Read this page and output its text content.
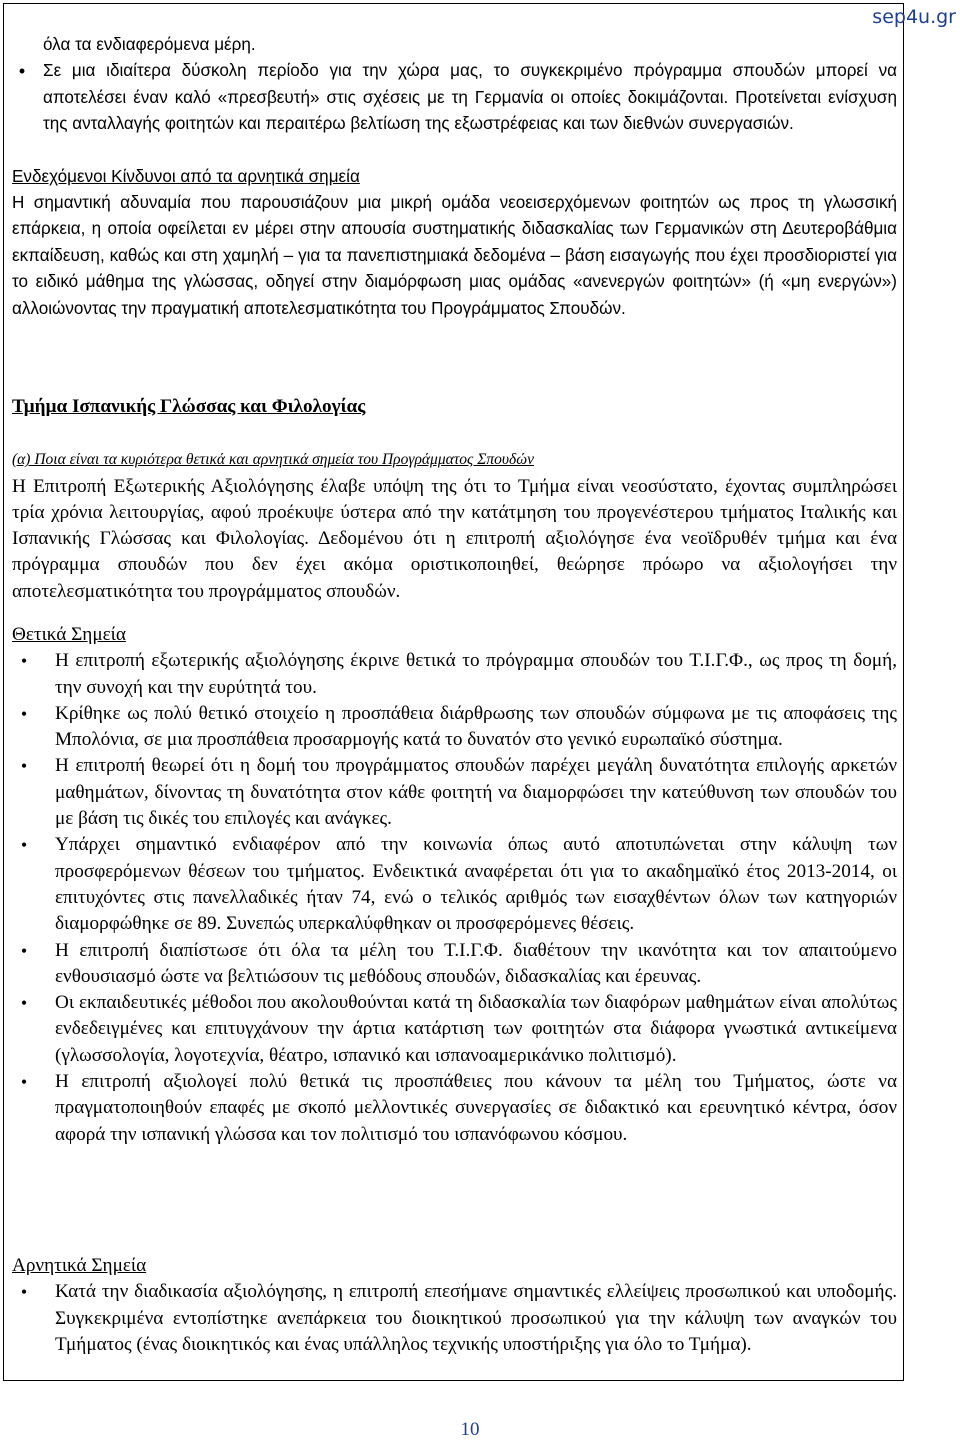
sep4u.gr
όλα τα ενδιαφερόμενα μέρη.
•	Σε μια ιδιαίτερα δύσκολη περίοδο για την χώρα μας, το συγκεκριμένο πρόγραμμα σπουδών μπορεί να αποτελέσει έναν καλό «πρεσβευτή» στις σχέσεις με τη Γερμανία οι οποίες δοκιμάζονται. Προτείνεται ενίσχυση της ανταλλαγής φοιτητών και περαιτέρω βελτίωση της εξωστρέφειας και των διεθνών συνεργασιών.
Ενδεχόμενοι Κίνδυνοι από τα αρνητικά σημεία
Η σημαντική αδυναμία που παρουσιάζουν μια μικρή ομάδα νεοεισερχόμενων φοιτητών ως προς τη γλωσσική επάρκεια, η οποία οφείλεται εν μέρει στην απουσία συστηματικής διδασκαλίας των Γερμανικών στη Δευτεροβάθμια εκπαίδευση, καθώς και στη χαμηλή – για τα πανεπιστημιακά δεδομένα – βάση εισαγωγής που έχει προσδιοριστεί για το ειδικό μάθημα της γλώσσας, οδηγεί στην διαμόρφωση μιας ομάδας «ανενεργών φοιτητών» (ή «μη ενεργών») αλλοιώνοντας την πραγματική αποτελεσματικότητα του Προγράμματος Σπουδών.
Τμήμα Ισπανικής Γλώσσας και Φιλολογίας
(α) Ποια είναι τα κυριότερα θετικά και αρνητικά σημεία του Προγράμματος Σπουδών
Η Επιτροπή Εξωτερικής Αξιολόγησης έλαβε υπόψη της ότι το Τμήμα είναι νεοσύστατο, έχοντας συμπληρώσει τρία χρόνια λειτουργίας, αφού προέκυψε ύστερα από την κατάτμηση του προγενέστερου τμήματος Ιταλικής και Ισπανικής Γλώσσας και Φιλολογίας. Δεδομένου ότι η επιτροπή αξιολόγησε ένα νεοϊδρυθέν τμήμα και ένα πρόγραμμα σπουδών που δεν έχει ακόμα οριστικοποιηθεί, θεώρησε πρόωρο να αξιολογήσει την αποτελεσματικότητα του προγράμματος σπουδών.
Θετικά Σημεία
•	Η επιτροπή εξωτερικής αξιολόγησης έκρινε θετικά το πρόγραμμα σπουδών του Τ.Ι.Γ.Φ., ως προς τη δομή, την συνοχή και την ευρύτητά του.
•	Κρίθηκε ως πολύ θετικό στοιχείο η προσπάθεια διάρθρωσης των σπουδών σύμφωνα με τις αποφάσεις της Μπολόνια, σε μια προσπάθεια προσαρμογής κατά το δυνατόν στο γενικό ευρωπαϊκό σύστημα.
•	Η επιτροπή θεωρεί ότι η δομή του προγράμματος σπουδών παρέχει μεγάλη δυνατότητα επιλογής αρκετών μαθημάτων, δίνοντας τη δυνατότητα στον κάθε φοιτητή να διαμορφώσει την κατεύθυνση των σπουδών του με βάση τις δικές του επιλογές και ανάγκες.
•	Υπάρχει σημαντικό ενδιαφέρον από την κοινωνία όπως αυτό αποτυπώνεται στην κάλυψη των προσφερόμενων θέσεων του τμήματος. Ενδεικτικά αναφέρεται ότι για το ακαδημαϊκό έτος 2013-2014, οι επιτυχόντες στις πανελλαδικές ήταν 74, ενώ ο τελικός αριθμός των εισαχθέντων όλων των κατηγοριών διαμορφώθηκε σε 89. Συνεπώς υπερκαλύφθηκαν οι προσφερόμενες θέσεις.
•	Η επιτροπή διαπίστωσε ότι όλα τα μέλη του Τ.Ι.Γ.Φ. διαθέτουν την ικανότητα και τον απαιτούμενο ενθουσιασμό ώστε να βελτιώσουν τις μεθόδους σπουδών, διδασκαλίας και έρευνας.
•	Οι εκπαιδευτικές μέθοδοι που ακολουθούνται κατά τη διδασκαλία των διαφόρων μαθημάτων είναι απολύτως ενδεδειγμένες και επιτυγχάνουν την άρτια κατάρτιση των φοιτητών στα διάφορα γνωστικά αντικείμενα (γλωσσολογία, λογοτεχνία, θέατρο, ισπανικό και ισπανοαμερικάνικο πολιτισμό).
•	Η επιτροπή αξιολογεί πολύ θετικά τις προσπάθειες που κάνουν τα μέλη του Τμήματος, ώστε να πραγματοποιηθούν επαφές με σκοπό μελλοντικές συνεργασίες σε διδακτικό και ερευνητικό κέντρα, όσον αφορά την ισπανική γλώσσα και τον πολιτισμό του ισπανόφωνου κόσμου.
Αρνητικά Σημεία
•	Κατά την διαδικασία αξιολόγησης, η επιτροπή επεσήμανε σημαντικές ελλείψεις προσωπικού και υποδομής. Συγκεκριμένα εντοπίστηκε ανεπάρκεια του διοικητικού προσωπικού για την κάλυψη των αναγκών του Τμήματος (ένας διοικητικός και ένας υπάλληλος τεχνικής υποστήριξης για όλο το Τμήμα).
10
